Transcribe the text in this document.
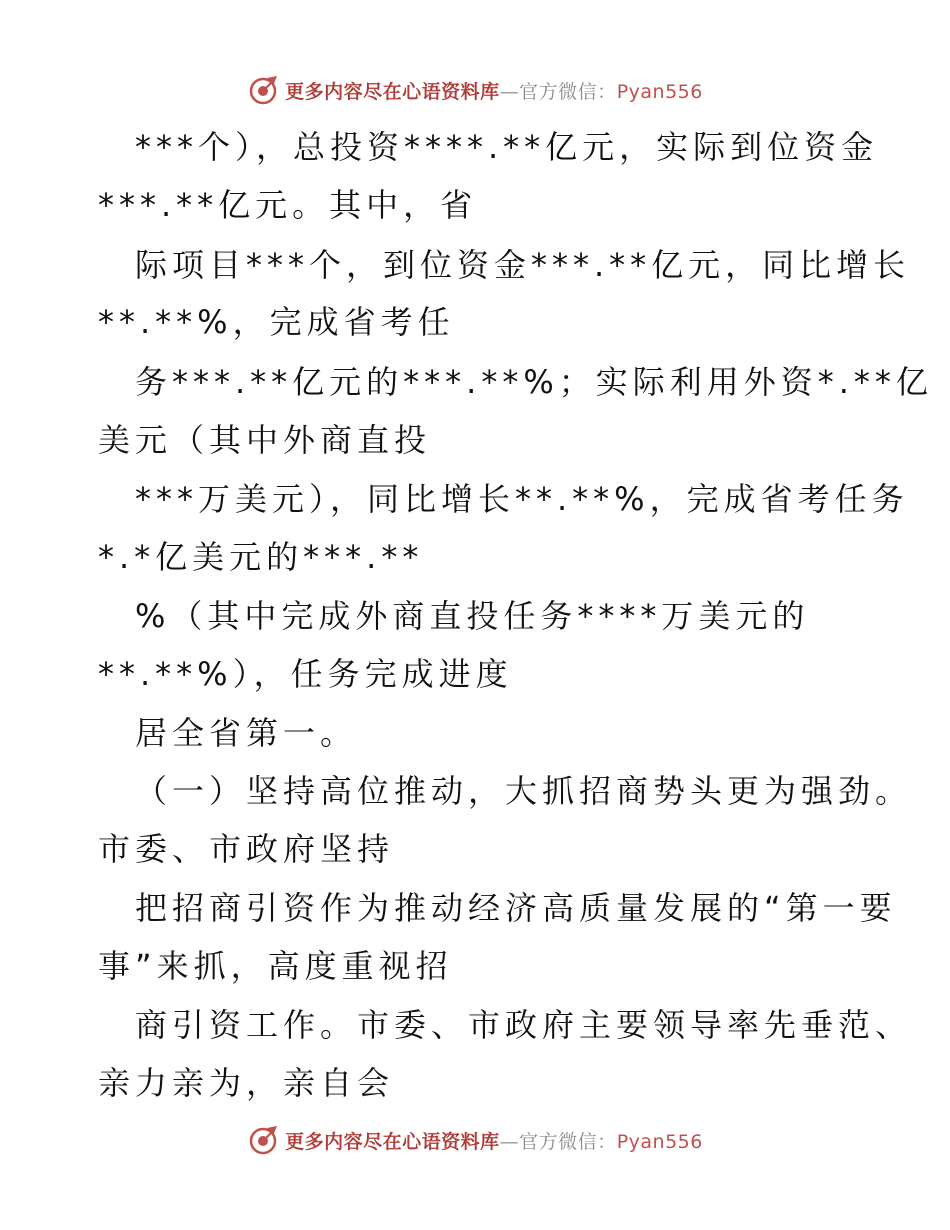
更多内容尽在心语资料库—官方微信：Pyan556
***个），总投资****.**亿元，实际到位资金
***.**亿元。其中，省
际项目***个，到位资金***.**亿元，同比增长
**.**%，完成省考任
务***.**亿元的***.**%；实际利用外资*.**亿
美元（其中外商直投
***万美元），同比增长**.**%，完成省考任务
*.*亿美元的***.**
%（其中完成外商直投任务****万美元的
**.**%），任务完成进度
居全省第一。
（一）坚持高位推动，大抓招商势头更为强劲。
市委、市政府坚持
把招商引资作为推动经济高质量发展的“第一要
事”来抓，高度重视招
商引资工作。市委、市政府主要领导率先垂范、
亲力亲为，亲自会
更多内容尽在心语资料库—官方微信：Pyan556
